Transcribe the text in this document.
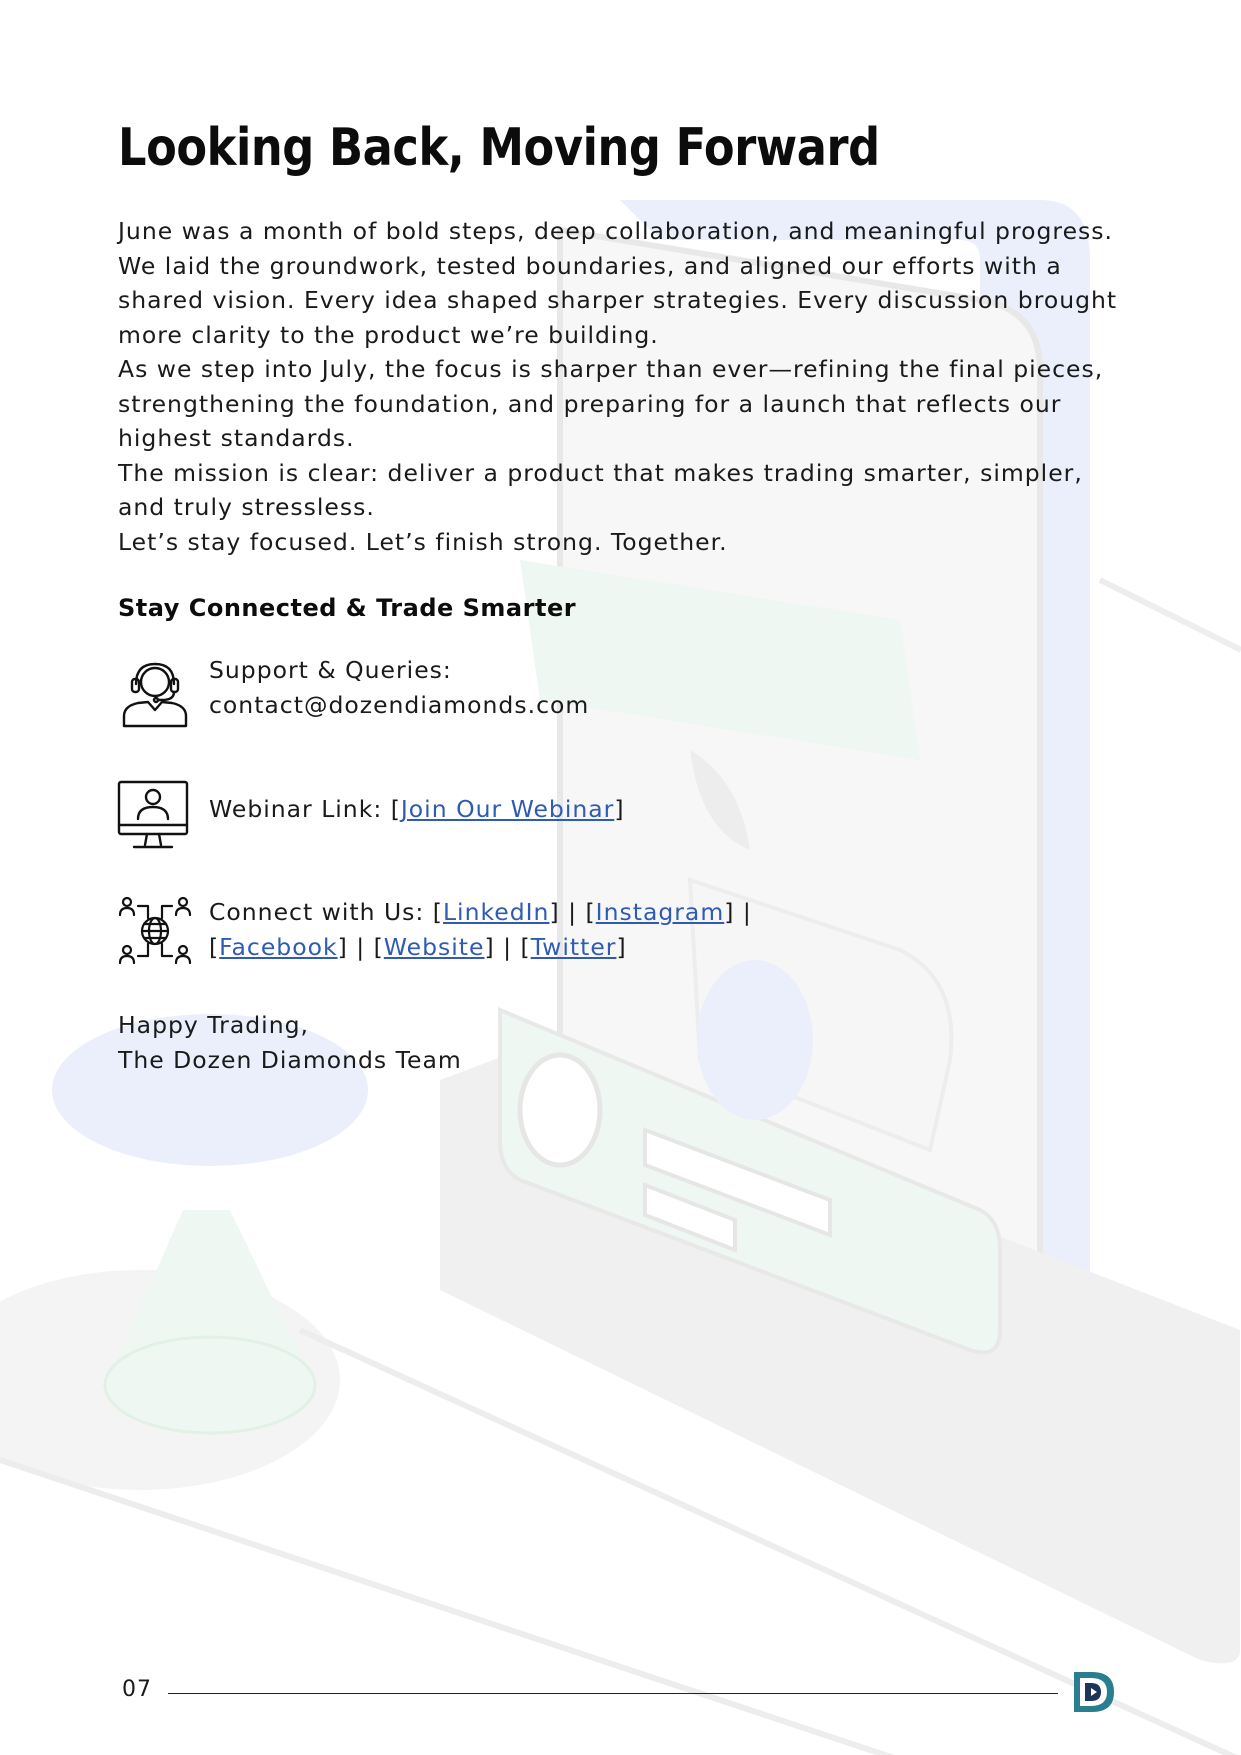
Looking Back, Moving Forward

June was a month of bold steps, deep collaboration, and meaningful progress. We laid the groundwork, tested boundaries, and aligned our efforts with a shared vision. Every idea shaped sharper strategies. Every discussion brought more clarity to the product we’re building.

As we step into July, the focus is sharper than ever—refining the final pieces, strengthening the foundation, and preparing for a launch that reflects our highest standards.

The mission is clear: deliver a product that makes trading smarter, simpler, and truly stressless.

Let’s stay focused. Let’s finish strong. Together.

Stay Connected & Trade Smarter
Support & Queries:
contact@dozendiamonds.com
Webinar Link: [Join Our Webinar]
Connect with Us: [LinkedIn] | [Instagram] |
[Facebook] | [Website] | [Twitter]
Happy Trading,
The Dozen Diamonds Team
07
